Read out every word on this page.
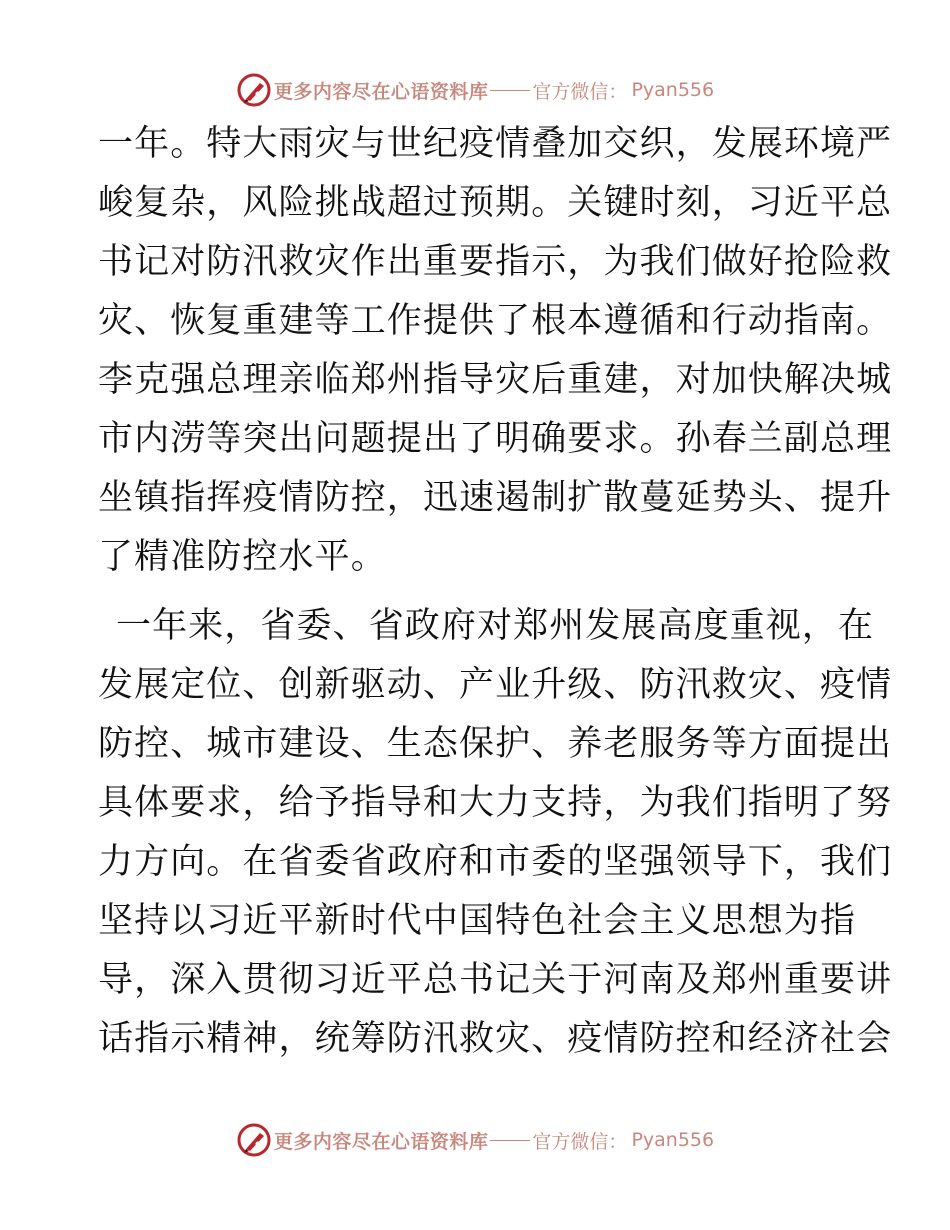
更多内容尽在心语资料库 官方微信： Pyan556
一年。特大雨灾与世纪疫情叠加交织，发展环境严
峻复杂，风险挑战超过预期。关键时刻，习近平总
书记对防汛救灾作出重要指示，为我们做好抢险救
灾、恢复重建等工作提供了根本遵循和行动指南。
李克强总理亲临郑州指导灾后重建，对加快解决城
市内涝等突出问题提出了明确要求。孙春兰副总理
坐镇指挥疫情防控，迅速遏制扩散蔓延势头、提升
了精准防控水平。
一年来，省委、省政府对郑州发展高度重视，在
发展定位、创新驱动、产业升级、防汛救灾、疫情
防控、城市建设、生态保护、养老服务等方面提出
具体要求，给予指导和大力支持，为我们指明了努
力方向。在省委省政府和市委的坚强领导下，我们
坚持以习近平新时代中国特色社会主义思想为指
导，深入贯彻习近平总书记关于河南及郑州重要讲
话指示精神，统筹防汛救灾、疫情防控和经济社会
更多内容尽在心语资料库 官方微信： Pyan556
